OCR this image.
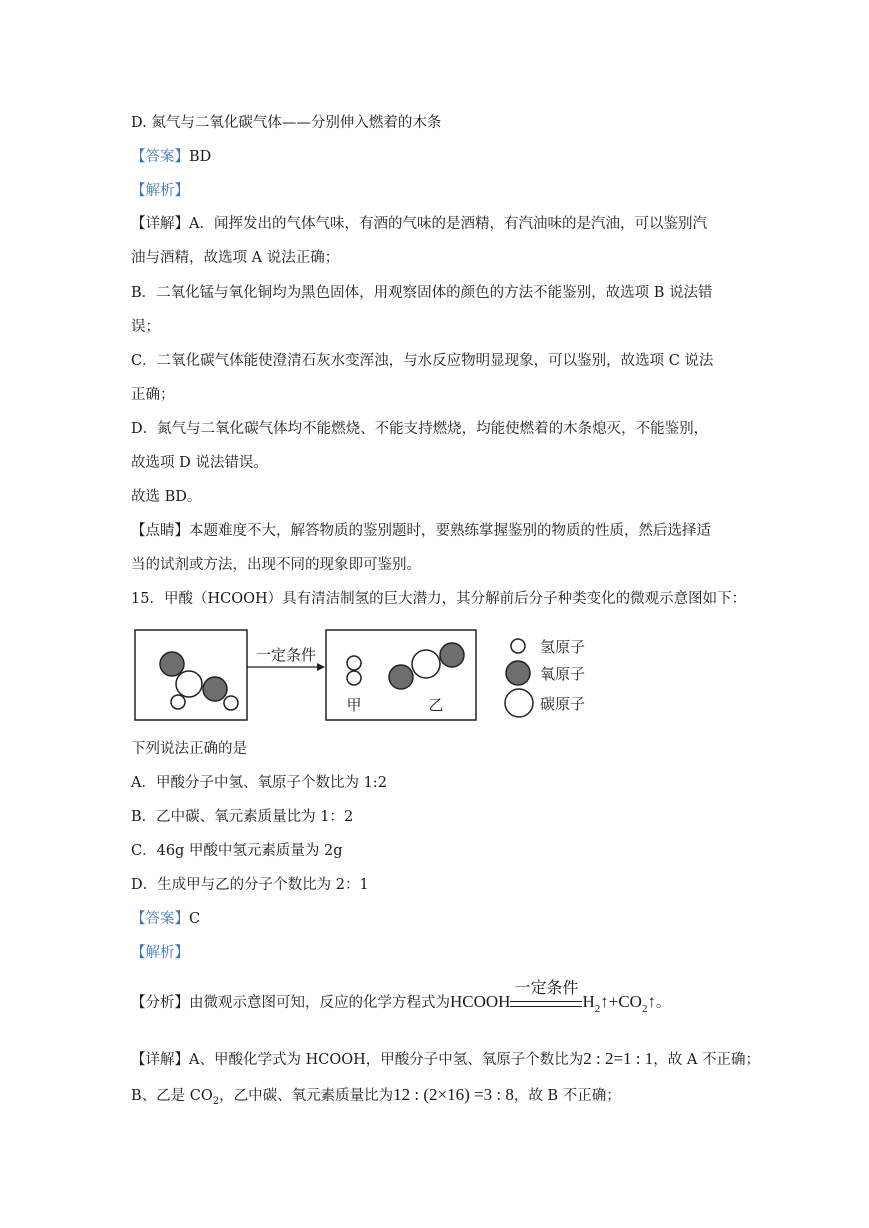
D. 氮气与二氧化碳气体——分别伸入燃着的木条
【答案】BD
【解析】
【详解】A．闻挥发出的气体气味，有酒的气味的是酒精，有汽油味的是汽油，可以鉴别汽
油与酒精，故选项 A 说法正确；
B．二氧化锰与氧化铜均为黑色固体，用观察固体的颜色的方法不能鉴别，故选项 B 说法错
误；
C．二氧化碳气体能使澄清石灰水变浑浊，与水反应物明显现象，可以鉴别，故选项 C 说法
正确；
D．氮气与二氧化碳气体均不能燃烧、不能支持燃烧，均能使燃着的木条熄灭，不能鉴别，
故选项 D 说法错误。
故选 BD。
【点睛】本题难度不大，解答物质的鉴别题时，要熟练掌握鉴别的物质的性质，然后选择适
当的试剂或方法，出现不同的现象即可鉴别。
15．甲酸（HCOOH）具有清洁制氢的巨大潜力，其分解前后分子种类变化的微观示意图如下：
一定条件
甲	乙
氢原子
氧原子
碳原子
下列说法正确的是
A．甲酸分子中氢、氧原子个数比为 1:2
B．乙中碳、氧元素质量比为 1：2
C．46g 甲酸中氢元素质量为 2g
D．生成甲与乙的分子个数比为 2：1
【答案】C
【解析】
【分析】由微观示意图可知，反应的化学方程式为HCOOH
一定条件
$H_2↑+CO_2↑$。
【详解】A、甲酸化学式为 HCOOH，甲酸分子中氢、氧原子个数比为2 : 2=1 : 1，故 A 不正确；
B、乙是 $CO_2$，乙中碳、氧元素质量比为12 : (2×16) =3 : 8，故 B 不正确；
